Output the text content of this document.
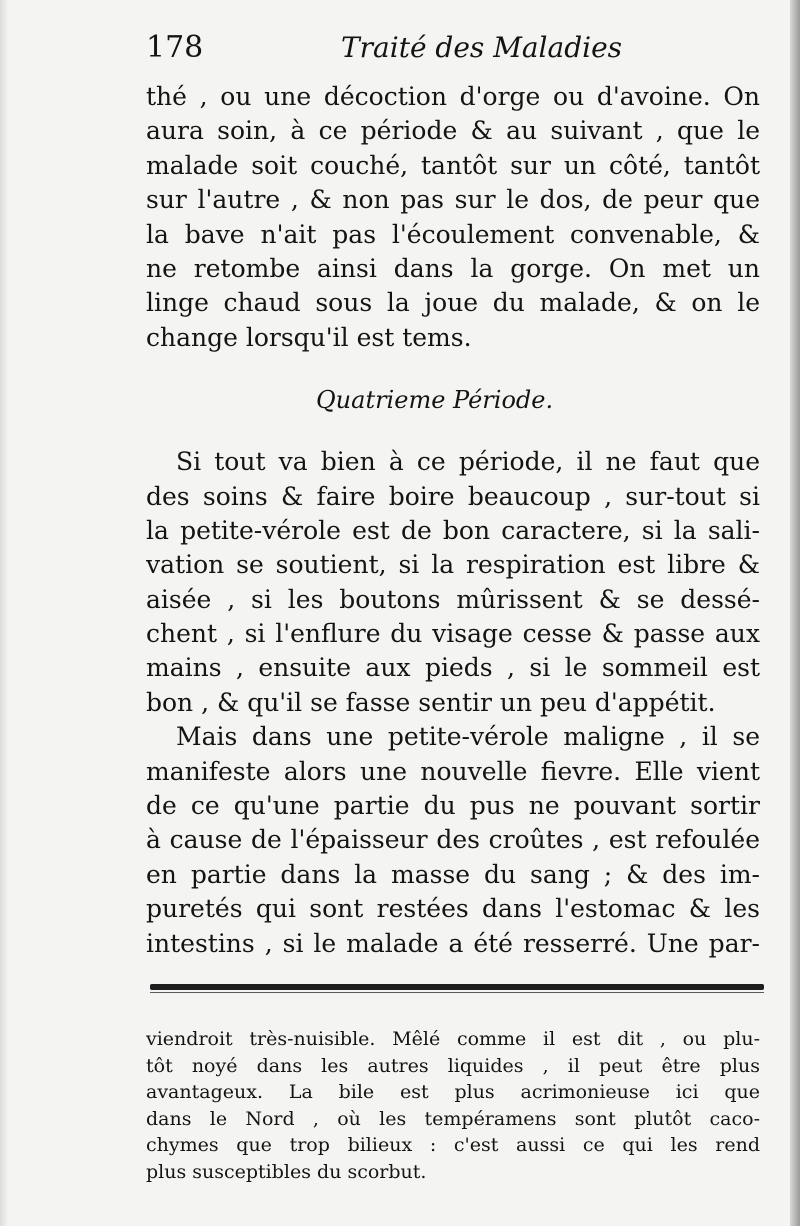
178	Traité des Maladies
thé , ou une décoction d'orge ou d'avoine. On
aura soin, à ce période & au suivant , que le
malade soit couché, tantôt sur un côté, tantôt
sur l'autre , & non pas sur le dos, de peur que
la bave n'ait pas l'écoulement convenable, &
ne retombe ainsi dans la gorge. On met un
linge chaud sous la joue du malade, & on le
change lorsqu'il est tems.
Quatrieme Période.
Si tout va bien à ce période, il ne faut que
des soins & faire boire beaucoup , sur-tout si
la petite-vérole est de bon caractere, si la sali-
vation se soutient, si la respiration est libre &
aisée , si les boutons mûrissent & se dessé-
chent , si l'enflure du visage cesse & passe aux
mains , ensuite aux pieds , si le sommeil est
bon , & qu'il se fasse sentir un peu d'appétit.
Mais dans une petite-vérole maligne , il se
manifeste alors une nouvelle fievre. Elle vient
de ce qu'une partie du pus ne pouvant sortir
à cause de l'épaisseur des croûtes , est refoulée
en partie dans la masse du sang ; & des im-
puretés qui sont restées dans l'estomac & les
intestins , si le malade a été resserré. Une par-
viendroit très-nuisible. Mêlé comme il est dit , ou plu-
tôt noyé dans les autres liquides , il peut être plus
avantageux. La bile est plus acrimonieuse ici que
dans le Nord , où les tempéramens sont plutôt caco-
chymes que trop bilieux : c'est aussi ce qui les rend
plus susceptibles du scorbut.
